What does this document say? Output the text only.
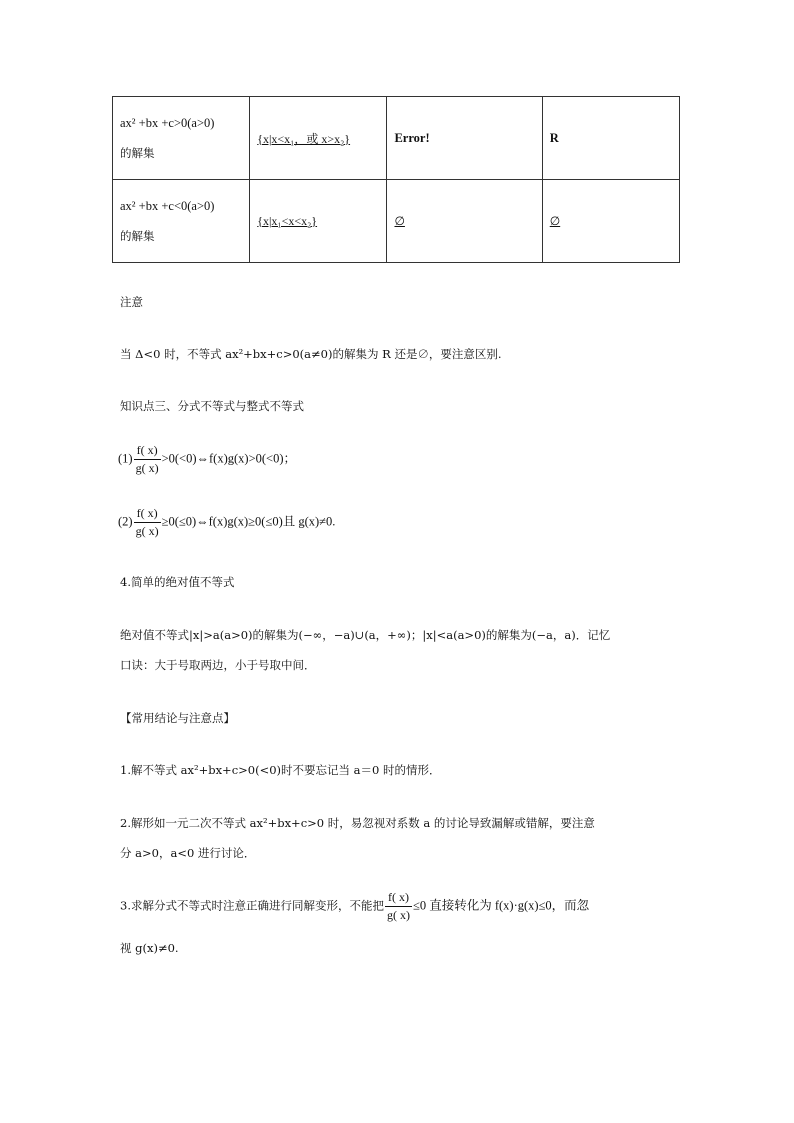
ax² +bx +c>0(a>0)
的解集	{x|x<x₁，或 x>x₂}	Error!	R

ax² +bx +c<0(a>0)
的解集	{x|x₁<x<x₂}	∅	∅
注意
当 Δ<0 时，不等式 ax²+bx+c>0(a≠0)的解集为 R 还是∅，要注意区别.
知识点三、分式不等式与整式不等式
$(1) \frac{f( x)}{g( x)}$ >0(<0)⇔f(x)g(x)>0(<0)；
$(2) \frac{f( x)}{g( x)}$ ≥0(≤0)⇔f(x)g(x)≥0(≤0)且 g(x)≠0.
4.简单的绝对值不等式
绝对值不等式|x|>a(a>0)的解集为(−∞，−a)∪(a，+∞)；|x|<a(a>0)的解集为(−a，a)．记忆
口诀：大于号取两边，小于号取中间．
【常用结论与注意点】
1.解不等式 ax²+bx+c>0(<0)时不要忘记当 a＝0 时的情形．
2.解形如一元二次不等式 ax²+bx+c>0 时，易忽视对系数 a 的讨论导致漏解或错解，要注意
分 a>0，a<0 进行讨论．
3.求解分式不等式时注意正确进行同解变形，不能把 $\frac{f( x)}{g( x)} \le 0$ 直接转化为 f(x)·g(x)≤0，而忽
视 g(x)≠0.
